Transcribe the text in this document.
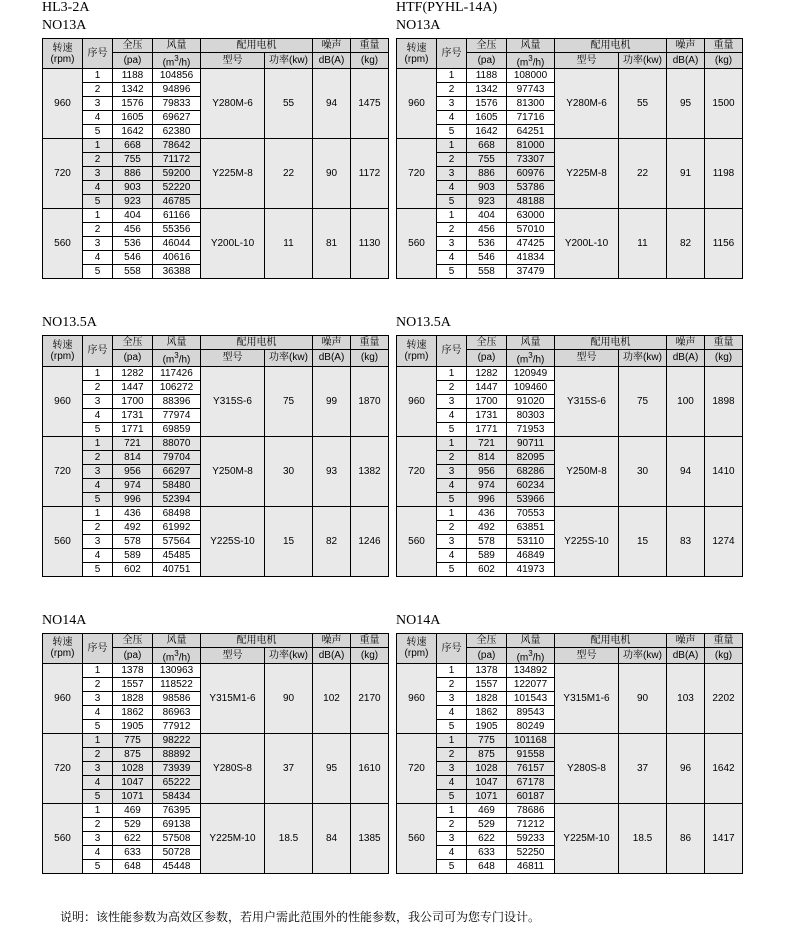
HL3-2A
NO13A
转速
(rpm)	序号	全压	风量	配用电机		噪声	重量
		(pa)	$(m^3/h)$	型号	功率(kw)	dB(A)	(kg)
960	1	1188	104856	Y280M-6	55	94	1475
	2	1342	94896				
	3	1576	79833				
	4	1605	69627				
	5	1642	62380				
720	1	668	78642	Y225M-8	22	90	1172
	2	755	71172				
	3	886	59200				
	4	903	52220				
	5	923	46785				
560	1	404	61166	Y200L-10	11	81	1130
	2	456	55356				
	3	536	46044				
	4	546	40616				
	5	558	36388				
NO13.5A
转速
(rpm)	序号	全压	风量	配用电机		噪声	重量
		(pa)	$(m^3/h)$	型号	功率(kw)	dB(A)	(kg)
960	1	1282	117426	Y315S-6	75	99	1870
	2	1447	106272				
	3	1700	88396				
	4	1731	77974				
	5	1771	69859				
720	1	721	88070	Y250M-8	30	93	1382
	2	814	79704				
	3	956	66297				
	4	974	58480				
	5	996	52394				
560	1	436	68498	Y225S-10	15	82	1246
	2	492	61992				
	3	578	57564				
	4	589	45485				
	5	602	40751				
NO14A
转速
(rpm)	序号	全压	风量	配用电机		噪声	重量
		(pa)	$(m^3/h)$	型号	功率(kw)	dB(A)	(kg)
960	1	1378	130963	Y315M1-6	90	102	2170
	2	1557	118522				
	3	1828	98586				
	4	1862	86963				
	5	1905	77912				
720	1	775	98222	Y280S-8	37	95	1610
	2	875	88892				
	3	1028	73939				
	4	1047	65222				
	5	1071	58434				
560	1	469	76395	Y225M-10	18.5	84	1385
	2	529	69138				
	3	622	57508				
	4	633	50728				
	5	648	45448				
HTF(PYHL-14A)
NO13A
转速
(rpm)	序号	全压	风量	配用电机		噪声	重量
		(pa)	$(m^3/h)$	型号	功率(kw)	dB(A)	(kg)
960	1	1188	108000	Y280M-6	55	95	1500
	2	1342	97743				
	3	1576	81300				
	4	1605	71716				
	5	1642	64251				
720	1	668	81000	Y225M-8	22	91	1198
	2	755	73307				
	3	886	60976				
	4	903	53786				
	5	923	48188				
560	1	404	63000	Y200L-10	11	82	1156
	2	456	57010				
	3	536	47425				
	4	546	41834				
	5	558	37479				
NO13.5A
转速
(rpm)	序号	全压	风量	配用电机		噪声	重量
		(pa)	$(m^3/h)$	型号	功率(kw)	dB(A)	(kg)
960	1	1282	120949	Y315S-6	75	100	1898
	2	1447	109460				
	3	1700	91020				
	4	1731	80303				
	5	1771	71953				
720	1	721	90711	Y250M-8	30	94	1410
	2	814	82095				
	3	956	68286				
	4	974	60234				
	5	996	53966				
560	1	436	70553	Y225S-10	15	83	1274
	2	492	63851				
	3	578	53110				
	4	589	46849				
	5	602	41973				
NO14A
转速
(rpm)	序号	全压	风量	配用电机		噪声	重量
		(pa)	$(m^3/h)$	型号	功率(kw)	dB(A)	(kg)
960	1	1378	134892	Y315M1-6	90	103	2202
	2	1557	122077				
	3	1828	101543				
	4	1862	89543				
	5	1905	80249				
720	1	775	101168	Y280S-8	37	96	1642
	2	875	91558				
	3	1028	76157				
	4	1047	67178				
	5	1071	60187				
560	1	469	78686	Y225M-10	18.5	86	1417
	2	529	71212				
	3	622	59233				
	4	633	52250				
	5	648	46811				
说明：该性能参数为高效区参数，若用户需此范围外的性能参数，我公司可为您专门设计。
